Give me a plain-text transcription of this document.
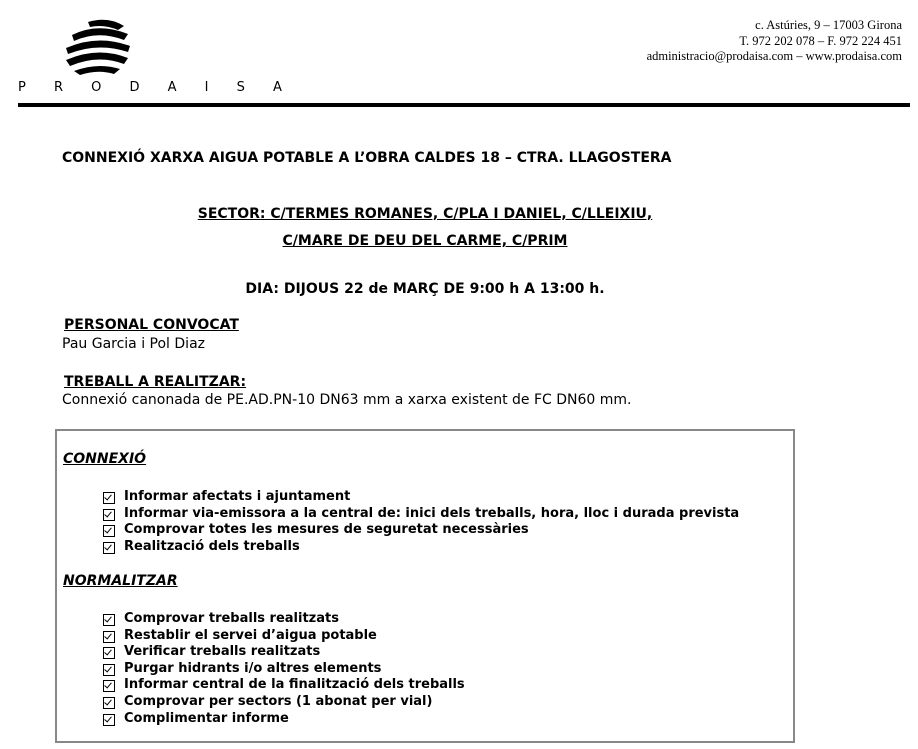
P R O D A I S A
c. Astúries, 9 – 17003 Girona
T. 972 202 078 – F. 972 224 451
administracio@prodaisa.com – www.prodaisa.com
CONNEXIÓ XARXA AIGUA POTABLE A L’OBRA CALDES 18 – CTRA. LLAGOSTERA
SECTOR: C/TERMES ROMANES, C/PLA I DANIEL, C/LLEIXIU,
C/MARE DE DEU DEL CARME, C/PRIM
DIA: DIJOUS 22 de MARÇ DE 9:00 h A 13:00 h.
PERSONAL CONVOCAT
Pau Garcia i Pol Diaz
TREBALL A REALITZAR:
Connexió canonada de PE.AD.PN-10 DN63 mm a xarxa existent de FC DN60 mm.
CONNEXIÓ
Informar afectats i ajuntament
Informar via-emissora a la central de: inici dels treballs, hora, lloc i durada prevista
Comprovar totes les mesures de seguretat necessàries
Realització dels treballs
NORMALITZAR
Comprovar treballs realitzats
Restablir el servei d’aigua potable
Verificar treballs realitzats
Purgar hidrants i/o altres elements
Informar central de la finalització dels treballs
Comprovar per sectors (1 abonat per vial)
Complimentar informe
